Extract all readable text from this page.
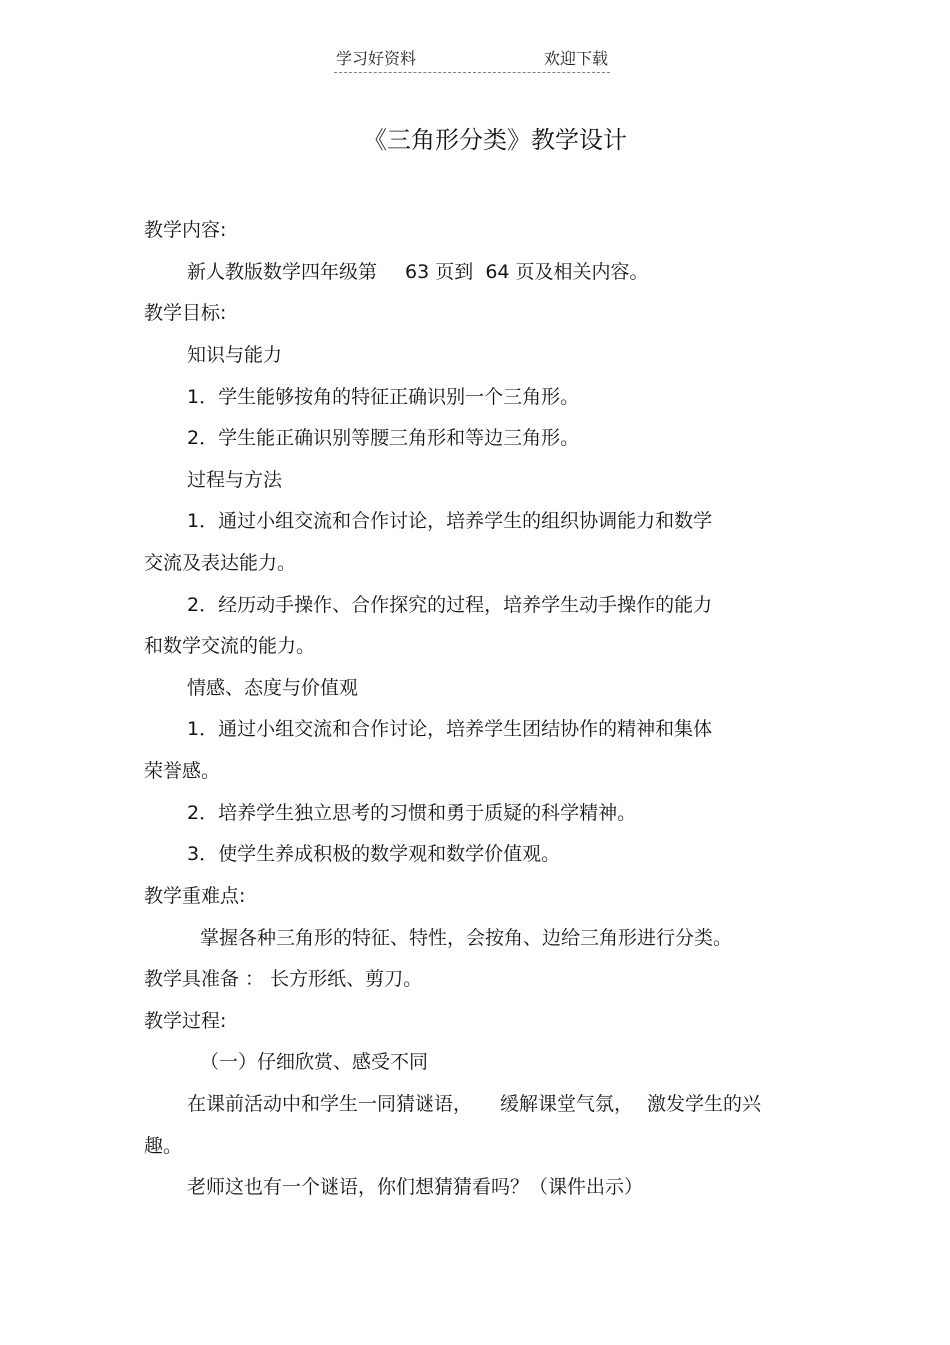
学习好资料	欢迎下载
《三角形分类》教学设计
教学内容:
新人教版数学四年级第 63 页到 64 页及相关内容。
教学目标:
知识与能力
1．学生能够按角的特征正确识别一个三角形。
2．学生能正确识别等腰三角形和等边三角形。
过程与方法
1．通过小组交流和合作讨论，培养学生的组织协调能力和数学
交流及表达能力。
2．经历动手操作、合作探究的过程，培养学生动手操作的能力
和数学交流的能力。
情感、态度与价值观
1．通过小组交流和合作讨论，培养学生团结协作的精神和集体
荣誉感。
2．培养学生独立思考的习惯和勇于质疑的科学精神。
3．使学生养成积极的数学观和数学价值观。
教学重难点:
掌握各种三角形的特征、特性，会按角、边给三角形进行分类。
教学具准备 ： 长方形纸、剪刀。
教学过程:
（一）仔细欣赏、感受不同
在课前活动中和学生一同猜谜语， 缓解课堂气氛， 激发学生的兴
趣。
老师这也有一个谜语，你们想猜猜看吗？（课件出示）
